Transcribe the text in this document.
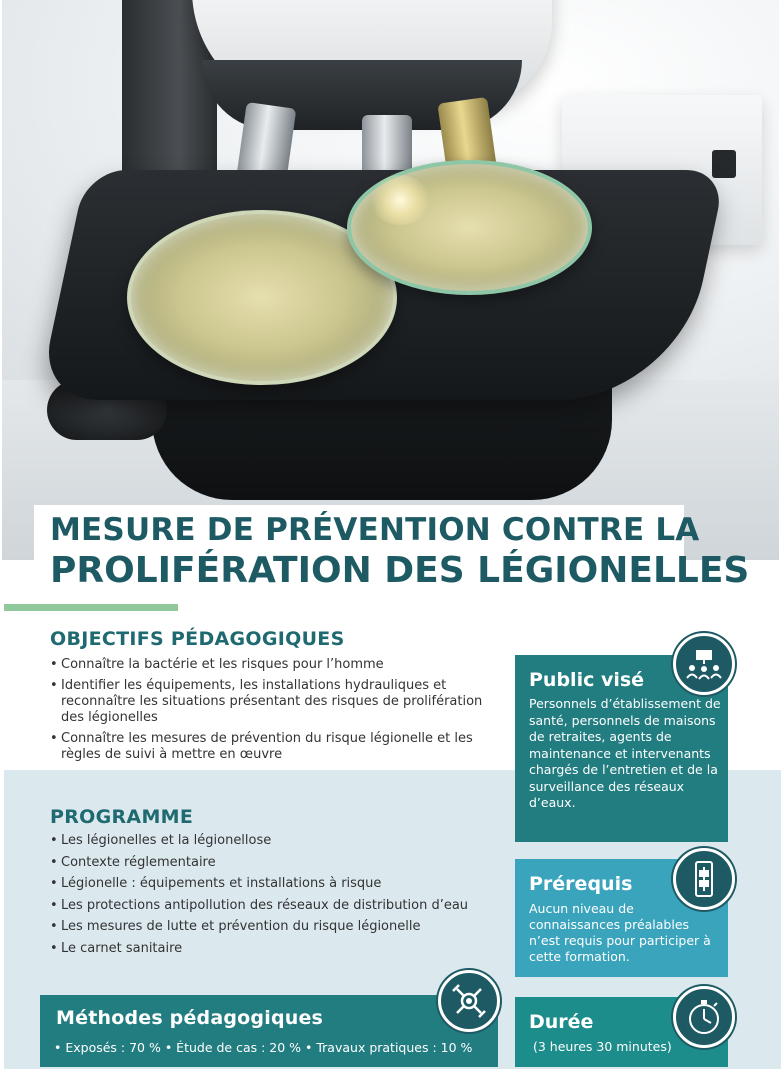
MESURE DE PRÉVENTION CONTRE LA
PROLIFÉRATION DES LÉGIONELLES
OBJECTIFS PÉDAGOGIQUES
• Connaître la bactérie et les risques pour l’homme
• Identifier les équipements, les installations hydrauliques et reconnaître les situations présentant des risques de prolifération des légionelles
• Connaître les mesures de prévention du risque légionelle et les règles de suivi à mettre en œuvre
PROGRAMME
• Les légionelles et la légionellose
• Contexte réglementaire
• Légionelle : équipements et installations à risque
• Les protections antipollution des réseaux de distribution d’eau
• Les mesures de lutte et prévention du risque légionelle
• Le carnet sanitaire
Méthodes pédagogiques
• Exposés : 70 % • Étude de cas : 20 % • Travaux pratiques : 10 %
Public visé
Personnels d’établissement de santé, personnels de maisons de retraites, agents de maintenance et intervenants chargés de l’entretien et de la surveillance des réseaux d’eaux.
Prérequis
Aucun niveau de connaissances préalables n’est requis pour participer à cette formation.
Durée
(3 heures 30 minutes)
